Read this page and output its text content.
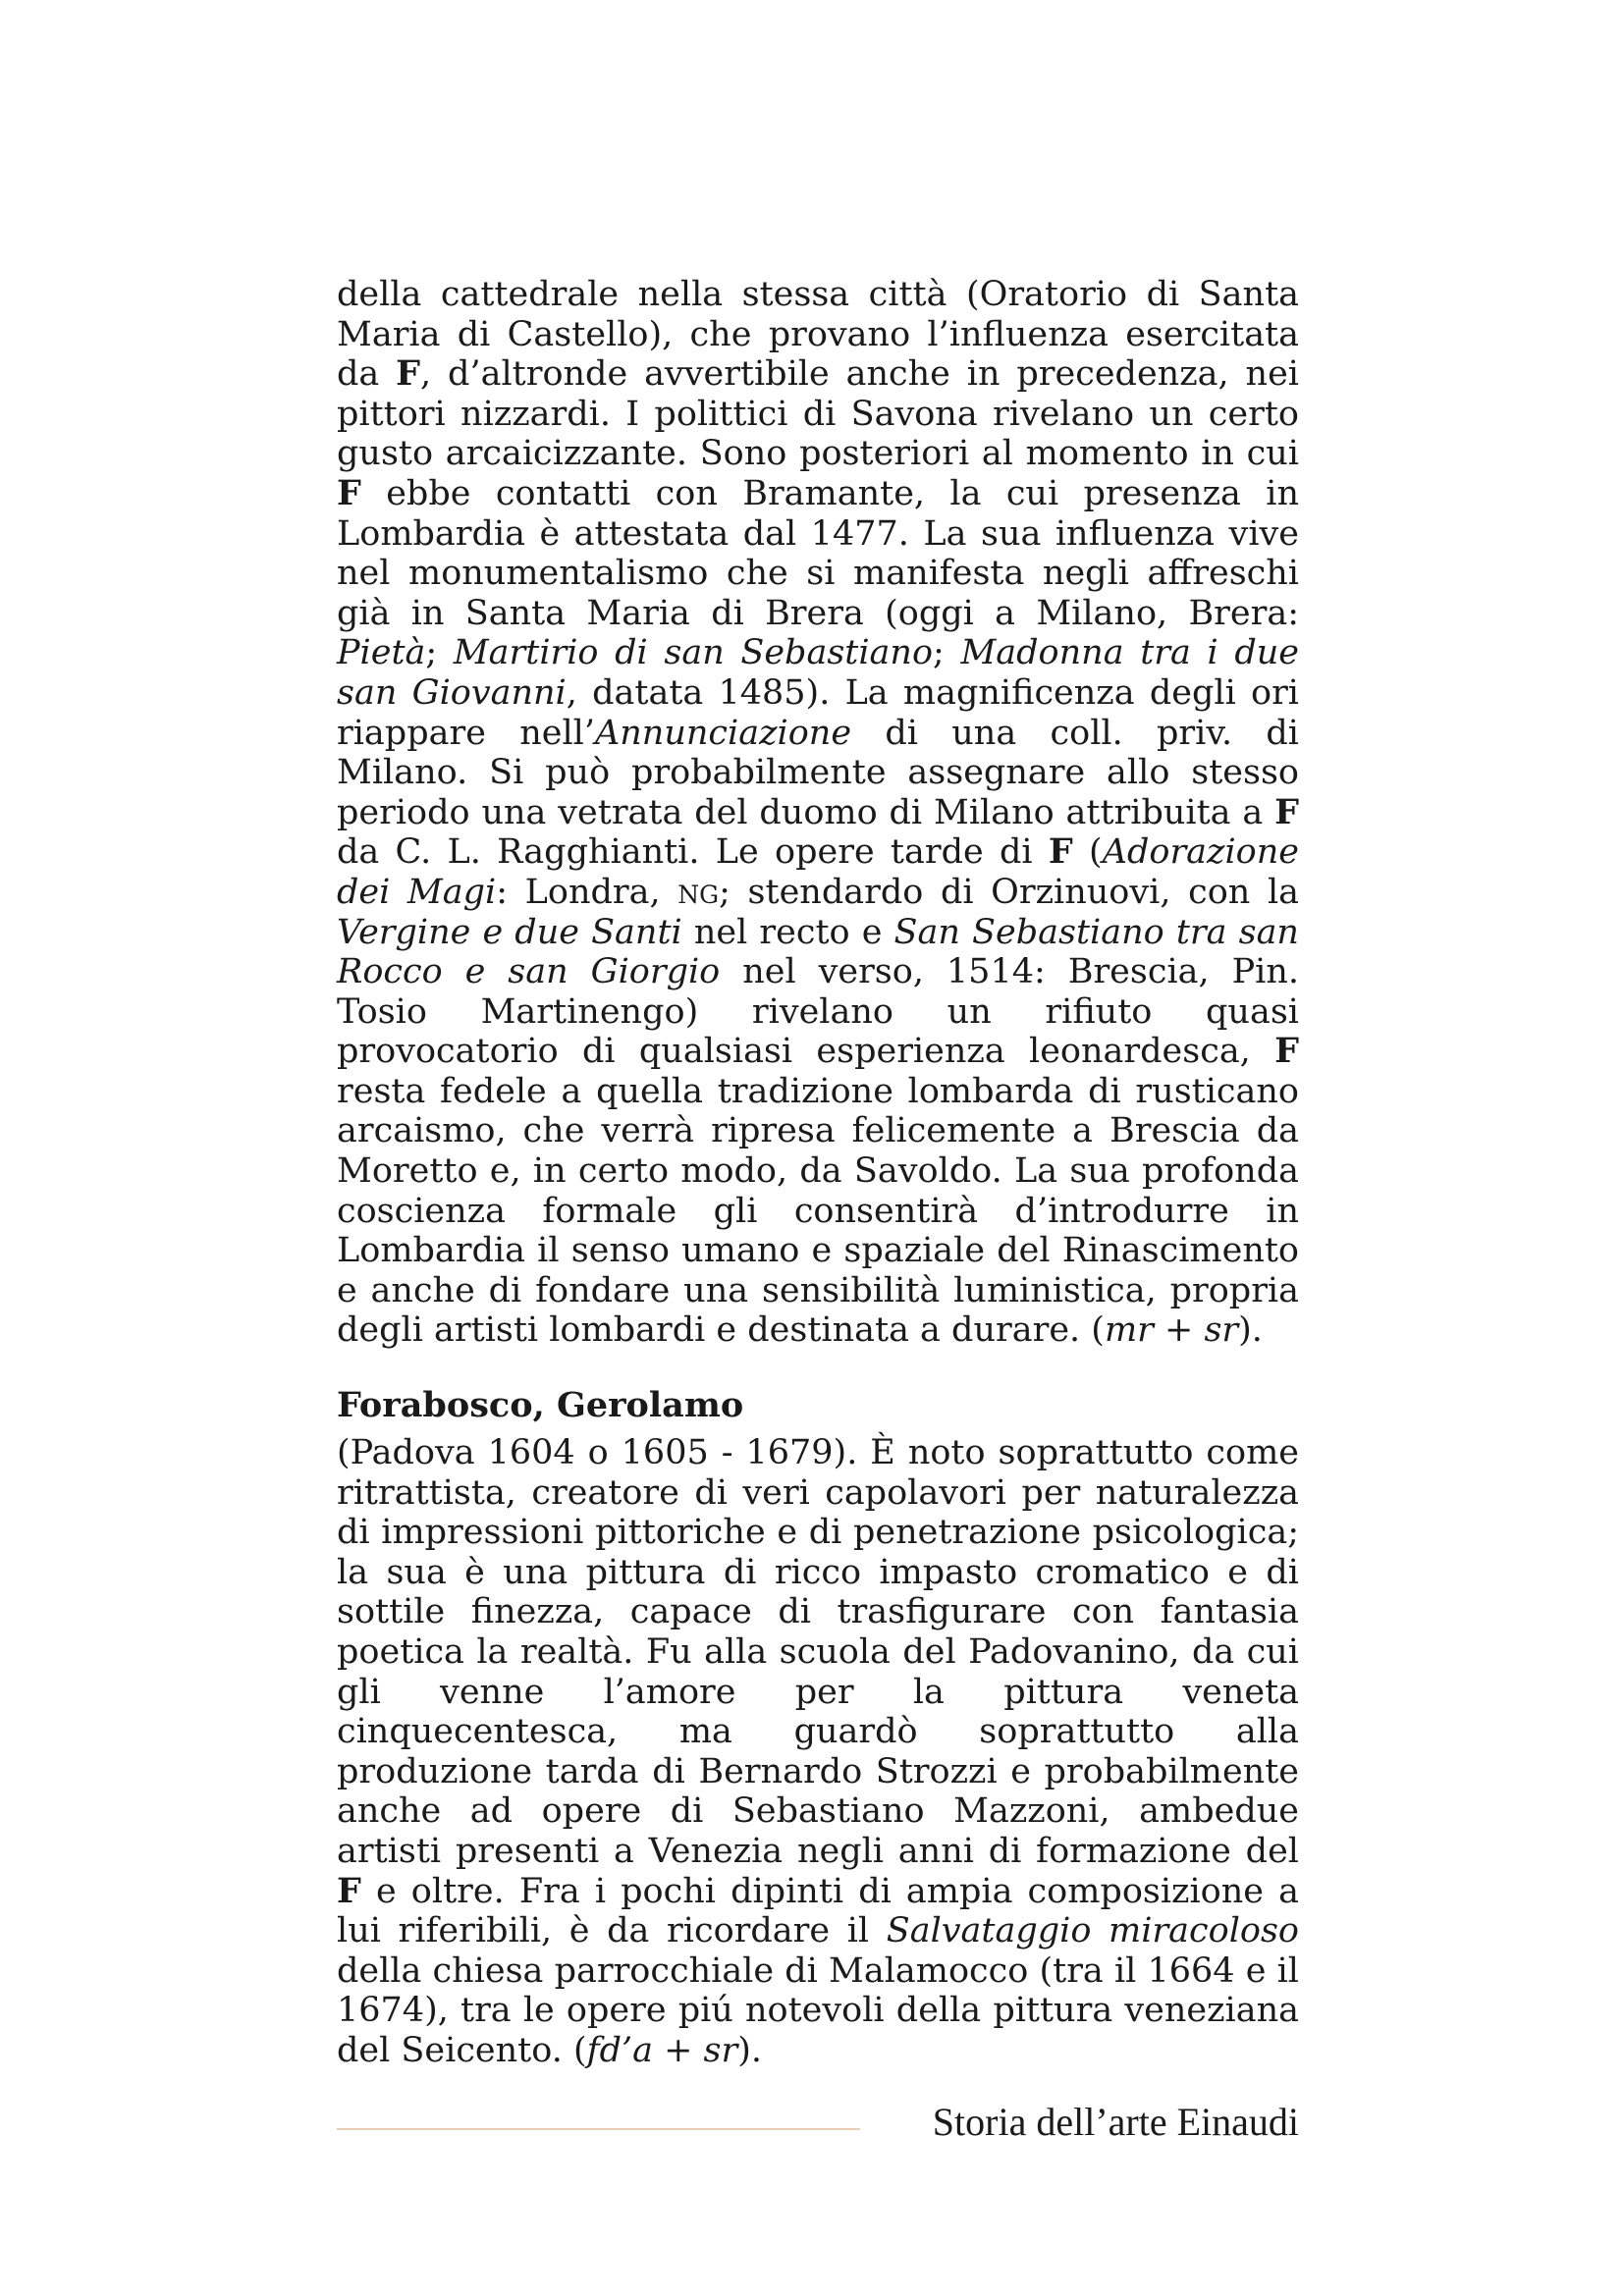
della cattedrale nella stessa città (Oratorio di Santa Maria di Castello), che provano l’influenza esercitata da F, d’altronde avvertibile anche in precedenza, nei pittori nizzardi. I polittici di Savona rivelano un certo gusto arcaicizzante. Sono posteriori al momento in cui F ebbe contatti con Bramante, la cui presenza in Lombardia è attestata dal 1477. La sua influenza vive nel monumentalismo che si manifesta negli affreschi già in Santa Maria di Brera (oggi a Milano, Brera: Pietà; Martirio di san Sebastiano; Madonna tra i due san Giovanni, datata 1485). La magnificenza degli ori riappare nell’Annunciazione di una coll. priv. di Milano. Si può probabilmente assegnare allo stesso periodo una vetrata del duomo di Milano attribuita a F da C. L. Ragghianti. Le opere tarde di F (Adorazione dei Magi: Londra, ng; stendardo di Orzinuovi, con la Vergine e due Santi nel recto e San Sebastiano tra san Rocco e san Giorgio nel verso, 1514: Brescia, Pin. Tosio Martinengo) rivelano un rifiuto quasi provocatorio di qualsiasi esperienza leonardesca, F resta fedele a quella tradizione lombarda di rusticano arcaismo, che verrà ripresa felicemente a Brescia da Moretto e, in certo modo, da Savoldo. La sua profonda coscienza formale gli consentirà d’introdurre in Lombardia il senso umano e spaziale del Rinascimento e anche di fondare una sensibilità luministica, propria degli artisti lombardi e destinata a durare. (mr + sr).

Forabosco, Gerolamo

(Padova 1604 o 1605 - 1679). È noto soprattutto come ritrattista, creatore di veri capolavori per naturalezza di impressioni pittoriche e di penetrazione psicologica; la sua è una pittura di ricco impasto cromatico e di sottile finezza, capace di trasfigurare con fantasia poetica la realtà. Fu alla scuola del Padovanino, da cui gli venne l’amore per la pittura veneta cinquecentesca, ma guardò soprattutto alla produzione tarda di Bernardo Strozzi e probabilmente anche ad opere di Sebastiano Mazzoni, ambedue artisti presenti a Venezia negli anni di formazione del F e oltre. Fra i pochi dipinti di ampia composizione a lui riferibili, è da ricordare il Salvataggio miracoloso della chiesa parrocchiale di Malamocco (tra il 1664 e il 1674), tra le opere piú notevoli della pittura veneziana del Seicento. (fd’a + sr).

Storia dell’arte Einaudi
